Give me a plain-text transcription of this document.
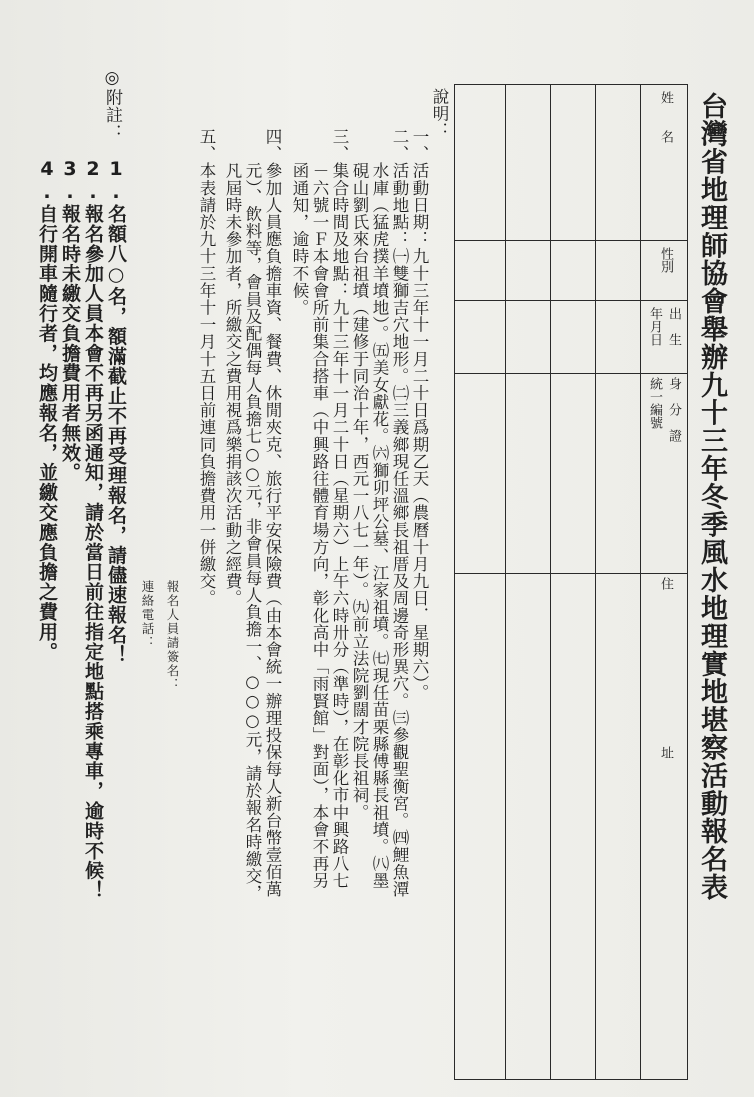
台灣省地理師協會舉辦九十三年冬季風水地理實地堪察活動報名表
姓　　名
性別
出　生
年月日
身　分　證
統一編號
住　　　　　　　　　　　　址
說明：
一、活動日期：九十三年十一月二十日爲期乙天（農曆十月九日．星期六）。
二、活動地點：㈠雙獅吉穴地形。㈡三義鄉現任溫鄉長祖厝及周邊奇形異穴。㈢參觀聖衡宮。㈣鯉魚潭
　　水庫（猛虎撲羊墳地）。㈤美女獻花。㈥獅卯坪公墓、江家祖墳。㈦現任苗栗縣傅縣長祖墳。㈧墨
　　硯山劉氏來台祖墳（建修于同治十年，西元一八七一年）。㈨前立法院劉闊才院長祖祠。
三、集合時間及地點：九十三年十一月二十日（星期六）上午六時卅分（準時），在彰化市中興路八七
　　－六號一Ｆ本會會所前集合搭車（中興路往體育場方向，彰化高中「雨賢館」對面），本會不再另
　　函通知，逾時不候。
四、參加人員應負擔車資、餐費、休閒夾克、旅行平安保險費（由本會統一辦理投保每人新台幣壹佰萬
　　元）、飲料等，會員及配偶每人負擔七○○元，非會員每人負擔一、○○○元，請於報名時繳交，
　　凡屆時未參加者，所繳交之費用視爲樂捐該次活動之經費。
五、本表請於九十三年十一月十五日前連同負擔費用一併繳交。
報名人員請簽名：
連絡電話：
◎附註：
1.名額八○名，額滿截止不再受理報名，請儘速報名！
2.報名參加人員本會不再另函通知，請於當日前往指定地點搭乘專車，逾時不候！
3.報名時未繳交負擔費用者無效。
4.自行開車隨行者，均應報名，並繳交應負擔之費用。
